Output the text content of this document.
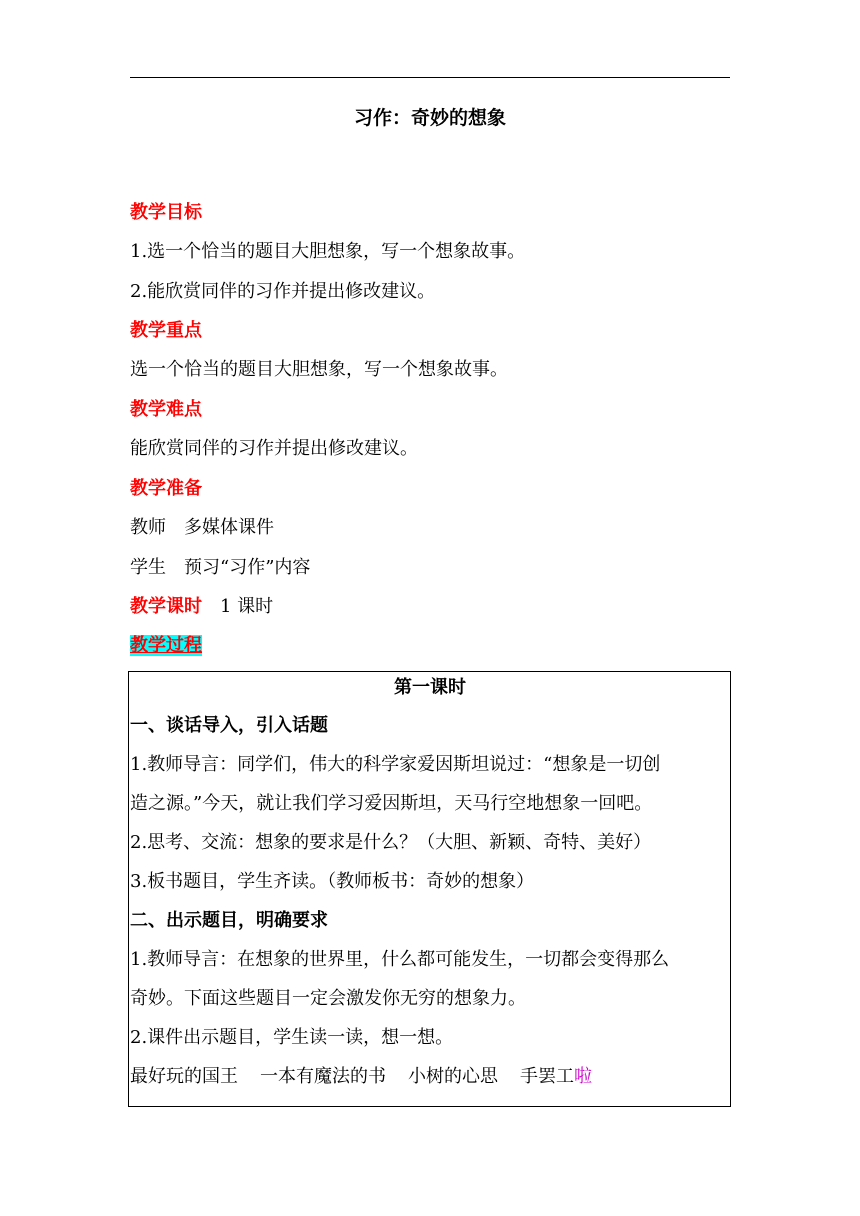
习作：奇妙的想象
教学目标
1.选一个恰当的题目大胆想象，写一个想象故事。
2.能欣赏同伴的习作并提出修改建议。
教学重点
选一个恰当的题目大胆想象，写一个想象故事。
教学难点
能欣赏同伴的习作并提出修改建议。
教学准备
教师 多媒体课件
学生 预习“习作”内容
教学课时 1 课时
教学过程
第一课时
一、谈话导入，引入话题
1.教师导言：同学们，伟大的科学家爱因斯坦说过：“想象是一切创
造之源。”今天，就让我们学习爱因斯坦，天马行空地想象一回吧。
2.思考、交流：想象的要求是什么？（大胆、新颖、奇特、美好）
3.板书题目，学生齐读。（教师板书：奇妙的想象）
二、出示题目，明确要求
1.教师导言：在想象的世界里，什么都可能发生，一切都会变得那么
奇妙。下面这些题目一定会激发你无穷的想象力。
2.课件出示题目，学生读一读，想一想。
最好玩的国王 一本有魔法的书 小树的心思 手罢工啦
